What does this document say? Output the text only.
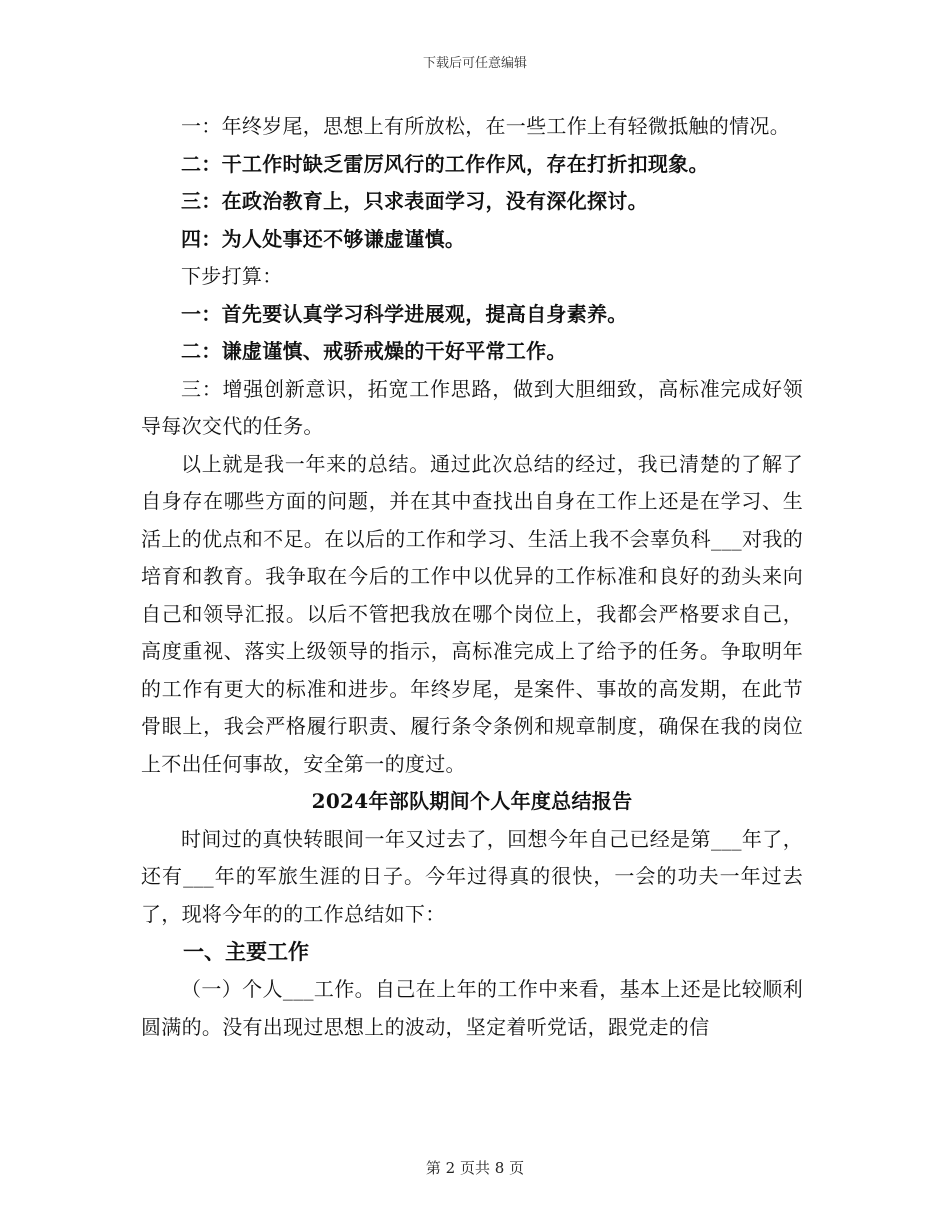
下载后可任意编辑

一：年终岁尾，思想上有所放松，在一些工作上有轻微抵触的情况。

二：干工作时缺乏雷厉风行的工作作风，存在打折扣现象。

三：在政治教育上，只求表面学习，没有深化探讨。

四：为人处事还不够谦虚谨慎。

下步打算：

一：首先要认真学习科学进展观，提高自身素养。

二：谦虚谨慎、戒骄戒燥的干好平常工作。

三：增强创新意识，拓宽工作思路，做到大胆细致，高标准完成好领导每次交代的任务。

以上就是我一年来的总结。通过此次总结的经过，我已清楚的了解了自身存在哪些方面的问题，并在其中查找出自身在工作上还是在学习、生活上的优点和不足。在以后的工作和学习、生活上我不会辜负科___对我的培育和教育。我争取在今后的工作中以优异的工作标准和良好的劲头来向自己和领导汇报。以后不管把我放在哪个岗位上，我都会严格要求自己，高度重视、落实上级领导的指示，高标准完成上了给予的任务。争取明年的工作有更大的标准和进步。年终岁尾，是案件、事故的高发期，在此节骨眼上，我会严格履行职责、履行条令条例和规章制度，确保在我的岗位上不出任何事故，安全第一的度过。

2024年部队期间个人年度总结报告

时间过的真快转眼间一年又过去了，回想今年自己已经是第___年了，还有___年的军旅生涯的日子。今年过得真的很快，一会的功夫一年过去了，现将今年的的工作总结如下：

一、主要工作

（一）个人___工作。自己在上年的工作中来看，基本上还是比较顺利圆满的。没有出现过思想上的波动，坚定着听党话，跟党走的信

第 2 页共 8 页
